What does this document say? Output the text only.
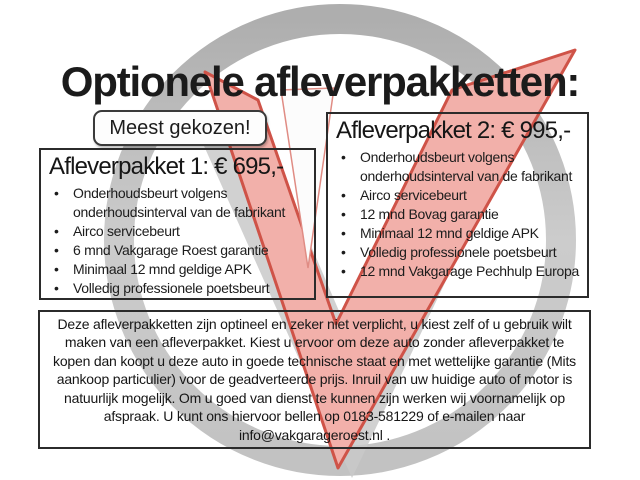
Optionele afleverpakketten:
Meest gekozen!
Afleverpakket 1: € 695,-
• Onderhoudsbeurt volgens onderhoudsinterval van de fabrikant
• Airco servicebeurt
• 6 mnd Vakgarage Roest garantie
• Minimaal 12 mnd geldige APK
• Volledig professionele poetsbeurt
Afleverpakket 2: € 995,-
• Onderhoudsbeurt volgens onderhoudsinterval van de fabrikant
• Airco servicebeurt
• 12 mnd Bovag garantie
• Minimaal 12 mnd geldige APK
• Volledig professionele poetsbeurt
• 12 mnd Vakgarage Pechhulp Europa
Deze afleverpakketten zijn optineel en zeker niet verplicht, u kiest zelf of u gebruik wilt maken van een afleverpakket. Kiest u ervoor om deze auto zonder afleverpakket te kopen dan koopt u deze auto in goede technische staat en met wettelijke garantie (Mits aankoop particulier) voor de geadverteerde prijs. Inruil van uw huidige auto of motor is natuurlijk mogelijk. Om u goed van dienst te kunnen zijn werken wij voornamelijk op afspraak. U kunt ons hiervoor bellen op 0183-581229 of e-mailen naar info@vakgarageroest.nl .
